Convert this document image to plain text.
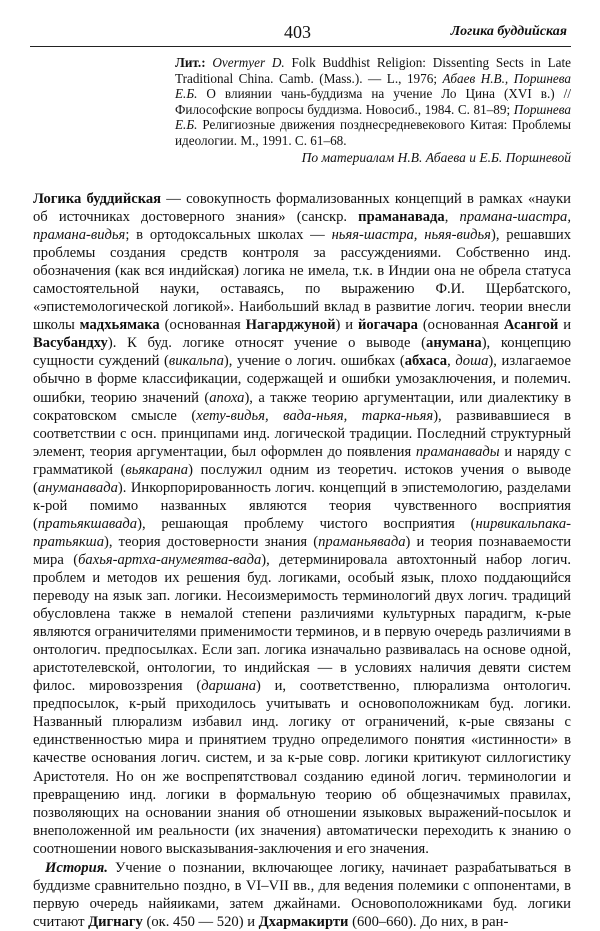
403	Логика буддийская
Лит.: Overmyer D. Folk Buddhist Religion: Dissenting Sects in Late Traditional China. Camb. (Mass.). — L., 1976; Абаев Н.В., Поршнева Е.Б. О влиянии чань-буддизма на учение Ло Цина (XVI в.) // Философские вопросы буддизма. Новосиб., 1984. С. 81–89; Поршнева Е.Б. Религиозные движения позднесредневекового Китая: Проблемы идеологии. М., 1991. С. 61–68.
По материалам Н.В. Абаева и Е.Б. Поршневой

Логика буддийская — совокупность формализованных концепций в рамках «науки об источниках достоверного знания» (санскр. праманавада, прамана-шастра, прамана-видья; в ортодоксальных школах — ньяя-шастра, ньяя-видья), решавших проблемы создания средств контроля за рассуждениями. Собственно инд. обозначения (как вся индийская) логика не имела, т.к. в Индии она не обрела статуса самостоятельной науки, оставаясь, по выражению Ф.И. Щербатского, «эпистемологической логикой». Наибольший вклад в развитие логич. теории внесли школы мадхьямака (основанная Нагарджуной) и йогачара (основанная Асангой и Васубандху). К буд. логике относят учение о выводе (анумана), концепцию сущности суждений (викальпа), учение о логич. ошибках (абхаса, доша), излагаемое обычно в форме классификации, содержащей и ошибки умозаключения, и полемич. ошибки, теорию значений (апоха), а также теорию аргументации, или диалектику в сократовском смысле (хету-видья, вада-ньяя, тарка-ньяя), развивавшиеся в соответствии с осн. принципами инд. логической традиции. Последний структурный элемент, теория аргументации, был оформлен до появления праманавады и наряду с грамматикой (вьякарана) послужил одним из теоретич. истоков учения о выводе (ануманавада). Инкорпорированность логич. концепций в эпистемологию, разделами к-рой помимо названных являются теория чувственного восприятия (пратьякшавада), решающая проблему чистого восприятия (нирвикальпака-пратьякша), теория достоверности знания (праманьявада) и теория познаваемости мира (бахья-артха-анумеятва-вада), детерминировала автохтонный набор логич. проблем и методов их решения буд. логиками, особый язык, плохо поддающийся переводу на язык зап. логики. Несоизмеримость терминологий двух логич. традиций обусловлена также в немалой степени различиями культурных парадигм, к-рые являются ограничителями применимости терминов, и в первую очередь различиями в онтологич. предпосылках. Если зап. логика изначально развивалась на основе одной, аристотелевской, онтологии, то индийская — в условиях наличия девяти систем филос. мировоззрения (даршана) и, соответственно, плюрализма онтологич. предпосылок, к-рый приходилось учитывать и основоположникам буд. логики. Названный плюрализм избавил инд. логику от ограничений, к-рые связаны с единственностью мира и принятием трудно определимого понятия «истинности» в качестве основания логич. систем, и за к-рые совр. логики критикуют силлогистику Аристотеля. Но он же воспрепятствовал созданию единой логич. терминологии и превращению инд. логики в формальную теорию об общезначимых правилах, позволяющих на основании знания об отношении языковых выражений-посылок и внеположенной им реальности (их значения) автоматически переходить к знанию о соотношении нового высказывания-заключения и его значения.

История. Учение о познании, включающее логику, начинает разрабатываться в буддизме сравнительно поздно, в VI–VII вв., для ведения полемики с оппонентами, в первую очередь найяиками, затем джайнами. Основоположниками буд. логики считают Дигнагу (ок. 450 — 520) и Дхармакирти (600–660). До них, в ран-
